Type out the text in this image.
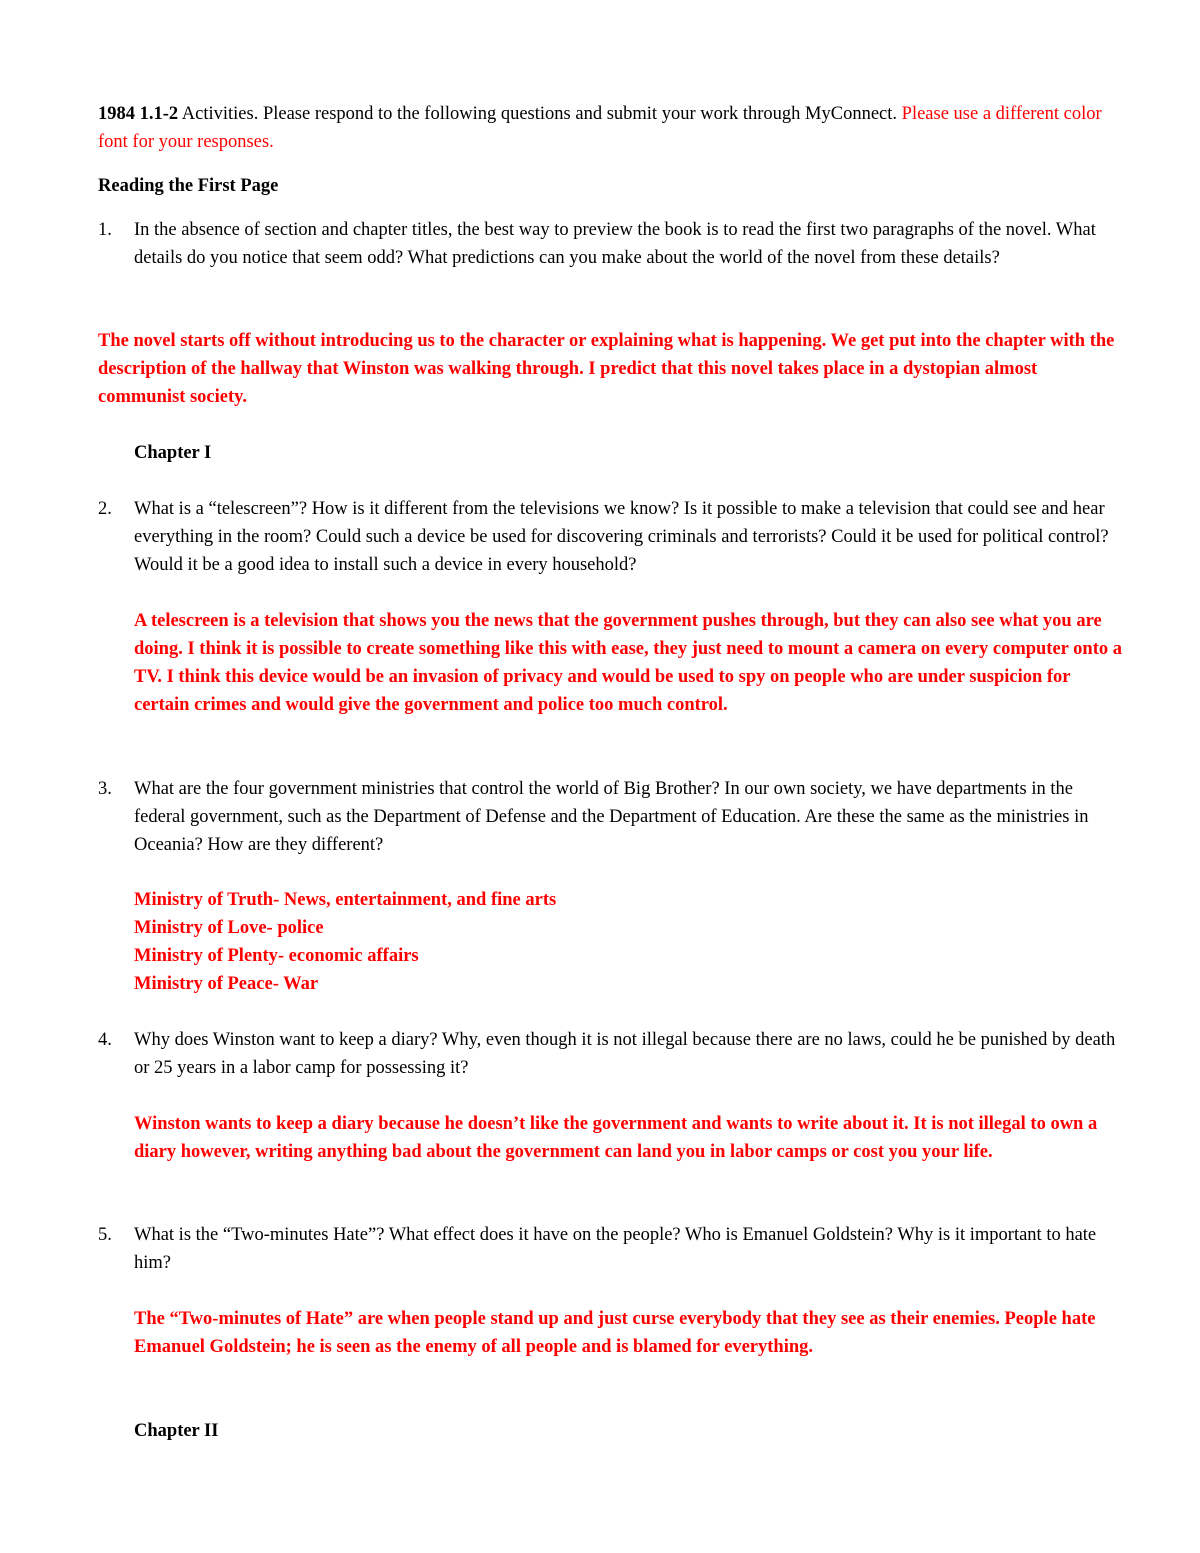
1984 1.1-2 Activities. Please respond to the following questions and submit your work through MyConnect. Please use a different color font for your responses.

Reading the First Page

1. In the absence of section and chapter titles, the best way to preview the book is to read the first two paragraphs of the novel. What details do you notice that seem odd? What predictions can you make about the world of the novel from these details?

The novel starts off without introducing us to the character or explaining what is happening. We get put into the chapter with the description of the hallway that Winston was walking through. I predict that this novel takes place in a dystopian almost communist society.

Chapter I

2. What is a “telescreen”? How is it different from the televisions we know? Is it possible to make a television that could see and hear everything in the room? Could such a device be used for discovering criminals and terrorists? Could it be used for political control? Would it be a good idea to install such a device in every household?

A telescreen is a television that shows you the news that the government pushes through, but they can also see what you are doing. I think it is possible to create something like this with ease, they just need to mount a camera on every computer onto a TV. I think this device would be an invasion of privacy and would be used to spy on people who are under suspicion for certain crimes and would give the government and police too much control.

3. What are the four government ministries that control the world of Big Brother? In our own society, we have departments in the federal government, such as the Department of Defense and the Department of Education. Are these the same as the ministries in Oceania? How are they different?

Ministry of Truth- News, entertainment, and fine arts
Ministry of Love- police
Ministry of Plenty- economic affairs
Ministry of Peace- War

4. Why does Winston want to keep a diary? Why, even though it is not illegal because there are no laws, could he be punished by death or 25 years in a labor camp for possessing it?

Winston wants to keep a diary because he doesn’t like the government and wants to write about it. It is not illegal to own a diary however, writing anything bad about the government can land you in labor camps or cost you your life.

5. What is the “Two-minutes Hate”? What effect does it have on the people? Who is Emanuel Goldstein? Why is it important to hate him?

The “Two-minutes of Hate” are when people stand up and just curse everybody that they see as their enemies. People hate Emanuel Goldstein; he is seen as the enemy of all people and is blamed for everything.

Chapter II
